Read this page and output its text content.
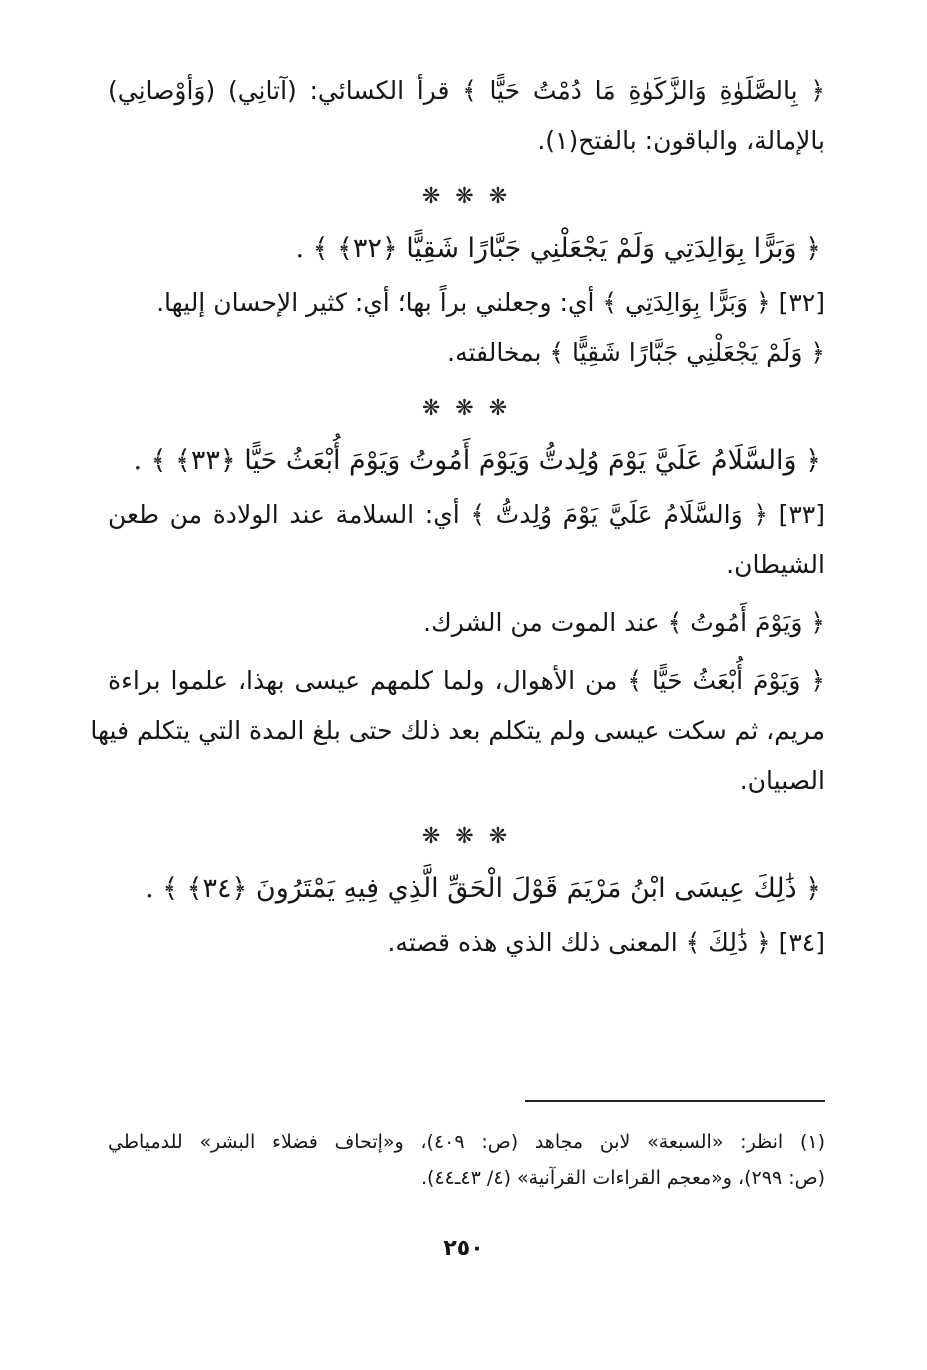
﴿ بِالصَّلَوٰةِ وَالزَّكَوٰةِ مَا دُمْتُ حَيًّا ﴾ قرأ الكسائي: (آتانِي) (وَأوْصانِي)
بالإمالة، والباقون: بالفتح(١).
❋ ❋ ❋
﴿ وَبَرًّا بِوَالِدَتِي وَلَمْ يَجْعَلْنِي جَبَّارًا شَقِيًّا ﴿٣٢﴾ ﴾ .
[٣٢] ﴿ وَبَرًّا بِوَالِدَتِي ﴾ أي: وجعلني براً بها؛ أي: كثير الإحسان إليها.
﴿ وَلَمْ يَجْعَلْنِي جَبَّارًا شَقِيًّا ﴾ بمخالفته.
❋ ❋ ❋
﴿ وَالسَّلَامُ عَلَيَّ يَوْمَ وُلِدتُّ وَيَوْمَ أَمُوتُ وَيَوْمَ أُبْعَثُ حَيًّا ﴿٣٣﴾ ﴾ .
[٣٣] ﴿ وَالسَّلَامُ عَلَيَّ يَوْمَ وُلِدتُّ ﴾ أي: السلامة عند الولادة من طعن
الشيطان.
﴿ وَيَوْمَ أَمُوتُ ﴾ عند الموت من الشرك.
﴿ وَيَوْمَ أُبْعَثُ حَيًّا ﴾ من الأهوال، ولما كلمهم عيسى بهذا، علموا براءة
مريم، ثم سكت عيسى ولم يتكلم بعد ذلك حتى بلغ المدة التي يتكلم فيها
الصبيان.
❋ ❋ ❋
﴿ ذَٰلِكَ عِيسَى ابْنُ مَرْيَمَ قَوْلَ الْحَقِّ الَّذِي فِيهِ يَمْتَرُونَ ﴿٣٤﴾ ﴾ .
[٣٤] ﴿ ذَٰلِكَ ﴾ المعنى ذلك الذي هذه قصته.
(١) انظر: «السبعة» لابن مجاهد (ص: ٤٠٩)، و«إتحاف فضلاء البشر» للدمياطي
(ص: ٢٩٩)، و«معجم القراءات القرآنية» (٤/ ٤٣ـ٤٤).
٢٥٠
